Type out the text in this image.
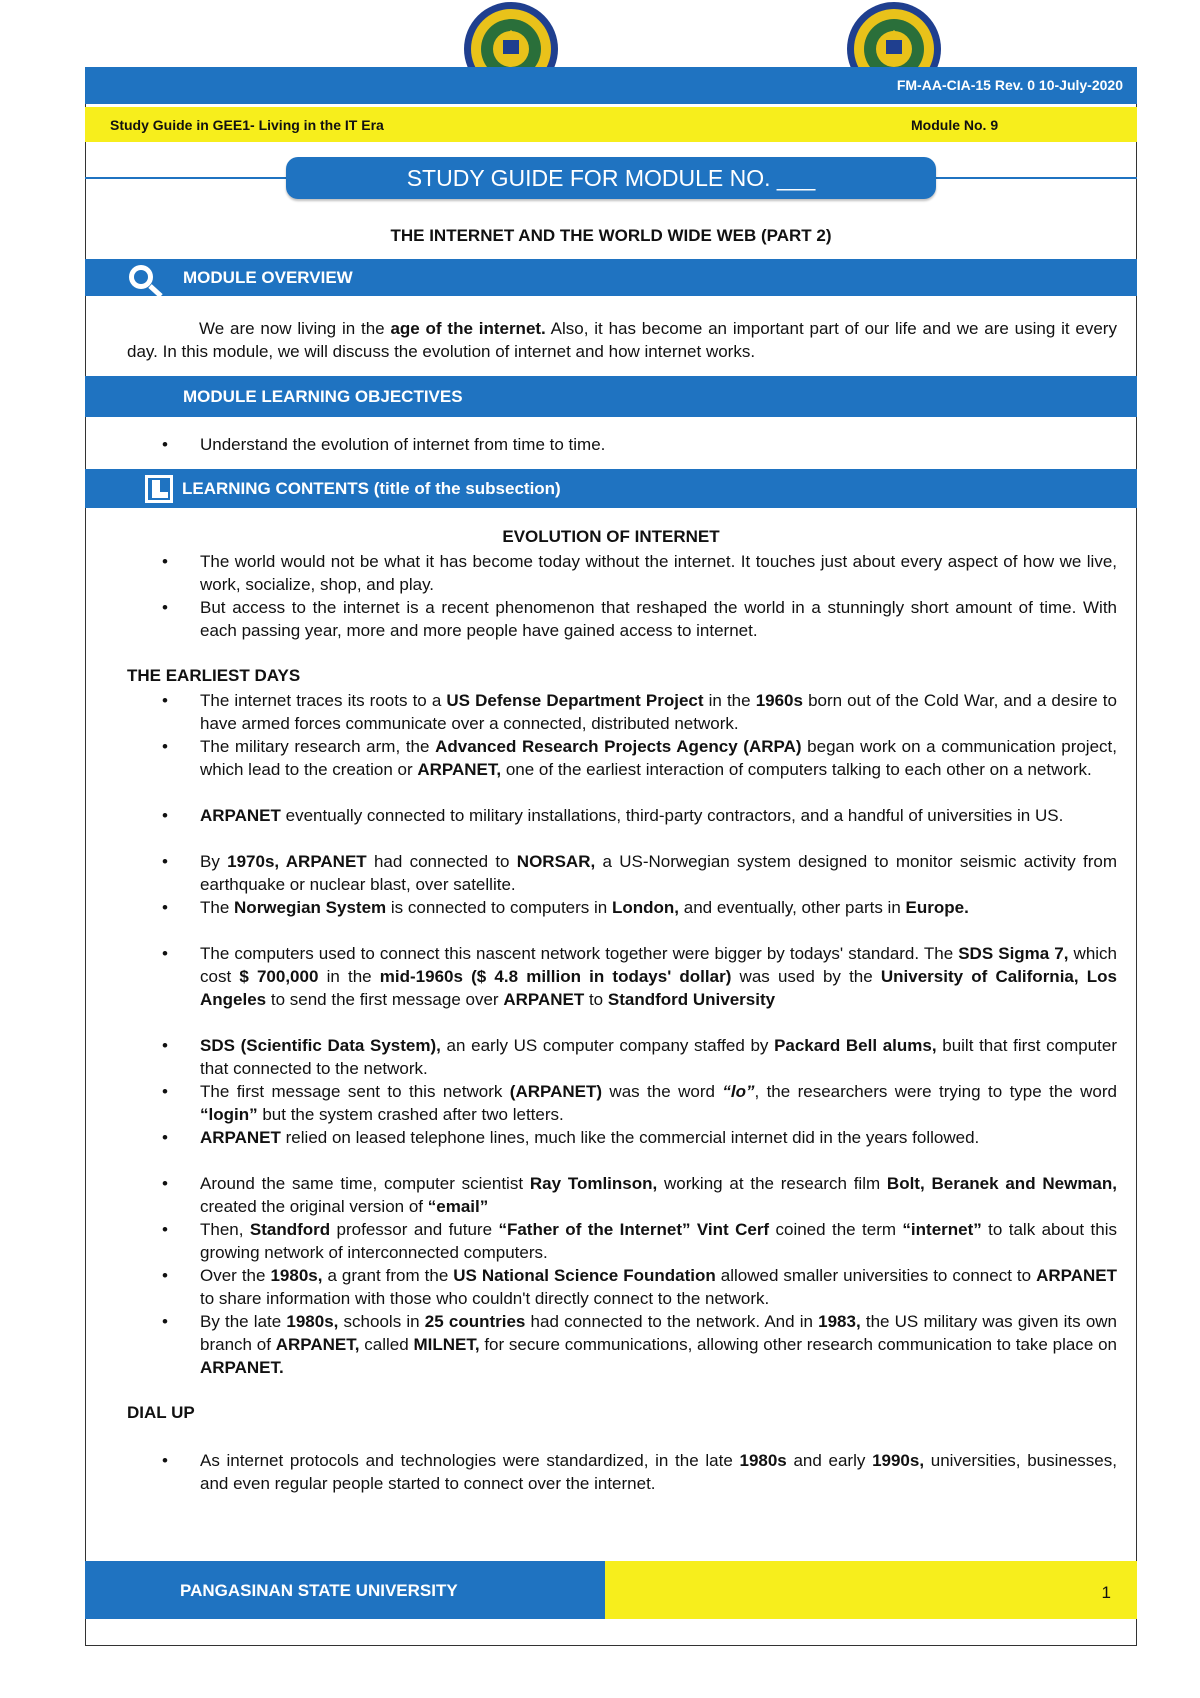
FM-AA-CIA-15 Rev. 0 10-July-2020
Study Guide in GEE1- Living in the IT Era	Module No. 9
STUDY GUIDE FOR MODULE NO. ___
THE INTERNET AND THE WORLD WIDE WEB (PART 2)
MODULE OVERVIEW
We are now living in the age of the internet. Also, it has become an important part of our life and we are using it every day. In this module, we will discuss the evolution of internet and how internet works.
MODULE LEARNING OBJECTIVES
• Understand the evolution of internet from time to time.
LEARNING CONTENTS (title of the subsection)
EVOLUTION OF INTERNET
• The world would not be what it has become today without the internet. It touches just about every aspect of how we live, work, socialize, shop, and play.
• But access to the internet is a recent phenomenon that reshaped the world in a stunningly short amount of time. With each passing year, more and more people have gained access to internet.
THE EARLIEST DAYS
• The internet traces its roots to a US Defense Department Project in the 1960s born out of the Cold War, and a desire to have armed forces communicate over a connected, distributed network.
• The military research arm, the Advanced Research Projects Agency (ARPA) began work on a communication project, which lead to the creation or ARPANET, one of the earliest interaction of computers talking to each other on a network.
• ARPANET eventually connected to military installations, third-party contractors, and a handful of universities in US.
• By 1970s, ARPANET had connected to NORSAR, a US-Norwegian system designed to monitor seismic activity from earthquake or nuclear blast, over satellite.
• The Norwegian System is connected to computers in London, and eventually, other parts in Europe.
• The computers used to connect this nascent network together were bigger by todays' standard. The SDS Sigma 7, which cost $ 700,000 in the mid-1960s ($ 4.8 million in todays' dollar) was used by the University of California, Los Angeles to send the first message over ARPANET to Standford University
• SDS (Scientific Data System), an early US computer company staffed by Packard Bell alums, built that first computer that connected to the network.
• The first message sent to this network (ARPANET) was the word “lo”, the researchers were trying to type the word “login” but the system crashed after two letters.
• ARPANET relied on leased telephone lines, much like the commercial internet did in the years followed.
• Around the same time, computer scientist Ray Tomlinson, working at the research film Bolt, Beranek and Newman, created the original version of “email”
• Then, Standford professor and future “Father of the Internet” Vint Cerf coined the term “internet” to talk about this growing network of interconnected computers.
• Over the 1980s, a grant from the US National Science Foundation allowed smaller universities to connect to ARPANET to share information with those who couldn't directly connect to the network.
• By the late 1980s, schools in 25 countries had connected to the network. And in 1983, the US military was given its own branch of ARPANET, called MILNET, for secure communications, allowing other research communication to take place on ARPANET.
DIAL UP
• As internet protocols and technologies were standardized, in the late 1980s and early 1990s, universities, businesses, and even regular people started to connect over the internet.
PANGASINAN STATE UNIVERSITY	1
